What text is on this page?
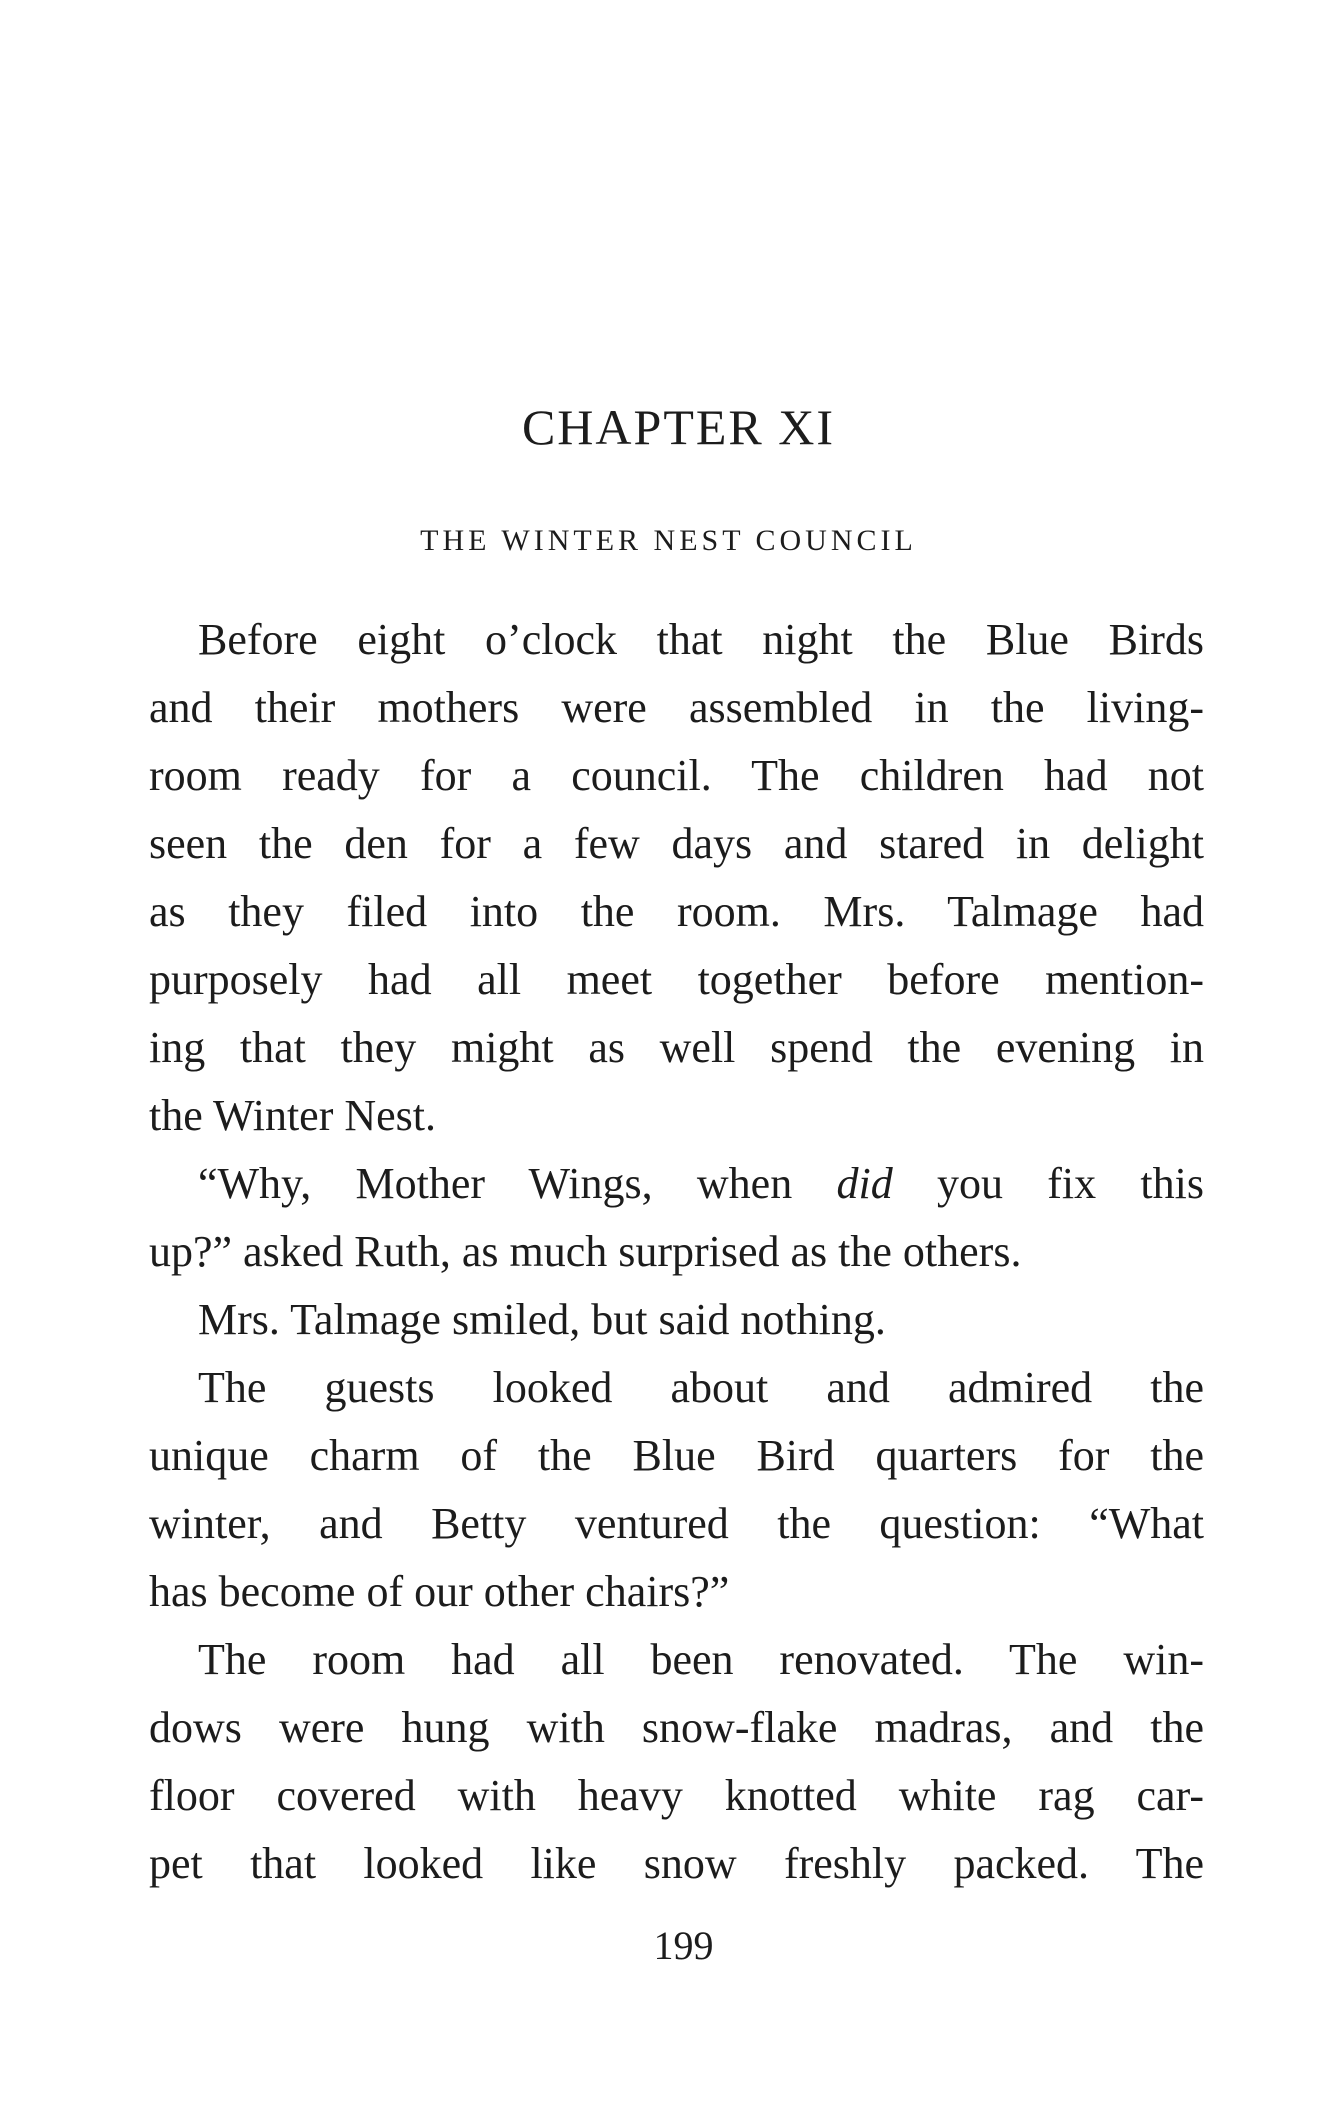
CHAPTER XI
THE WINTER NEST COUNCIL
Before eight o’clock that night the Blue Birds
and their mothers were assembled in the living-
room ready for a council. The children had not
seen the den for a few days and stared in delight
as they filed into the room. Mrs. Talmage had
purposely had all meet together before mention-
ing that they might as well spend the evening in
the Winter Nest.
“Why, Mother Wings, when did you fix this
up?” asked Ruth, as much surprised as the others.
Mrs. Talmage smiled, but said nothing.
The guests looked about and admired the
unique charm of the Blue Bird quarters for the
winter, and Betty ventured the question: “What
has become of our other chairs?”
The room had all been renovated. The win-
dows were hung with snow-flake madras, and the
floor covered with heavy knotted white rag car-
pet that looked like snow freshly packed. The
199
